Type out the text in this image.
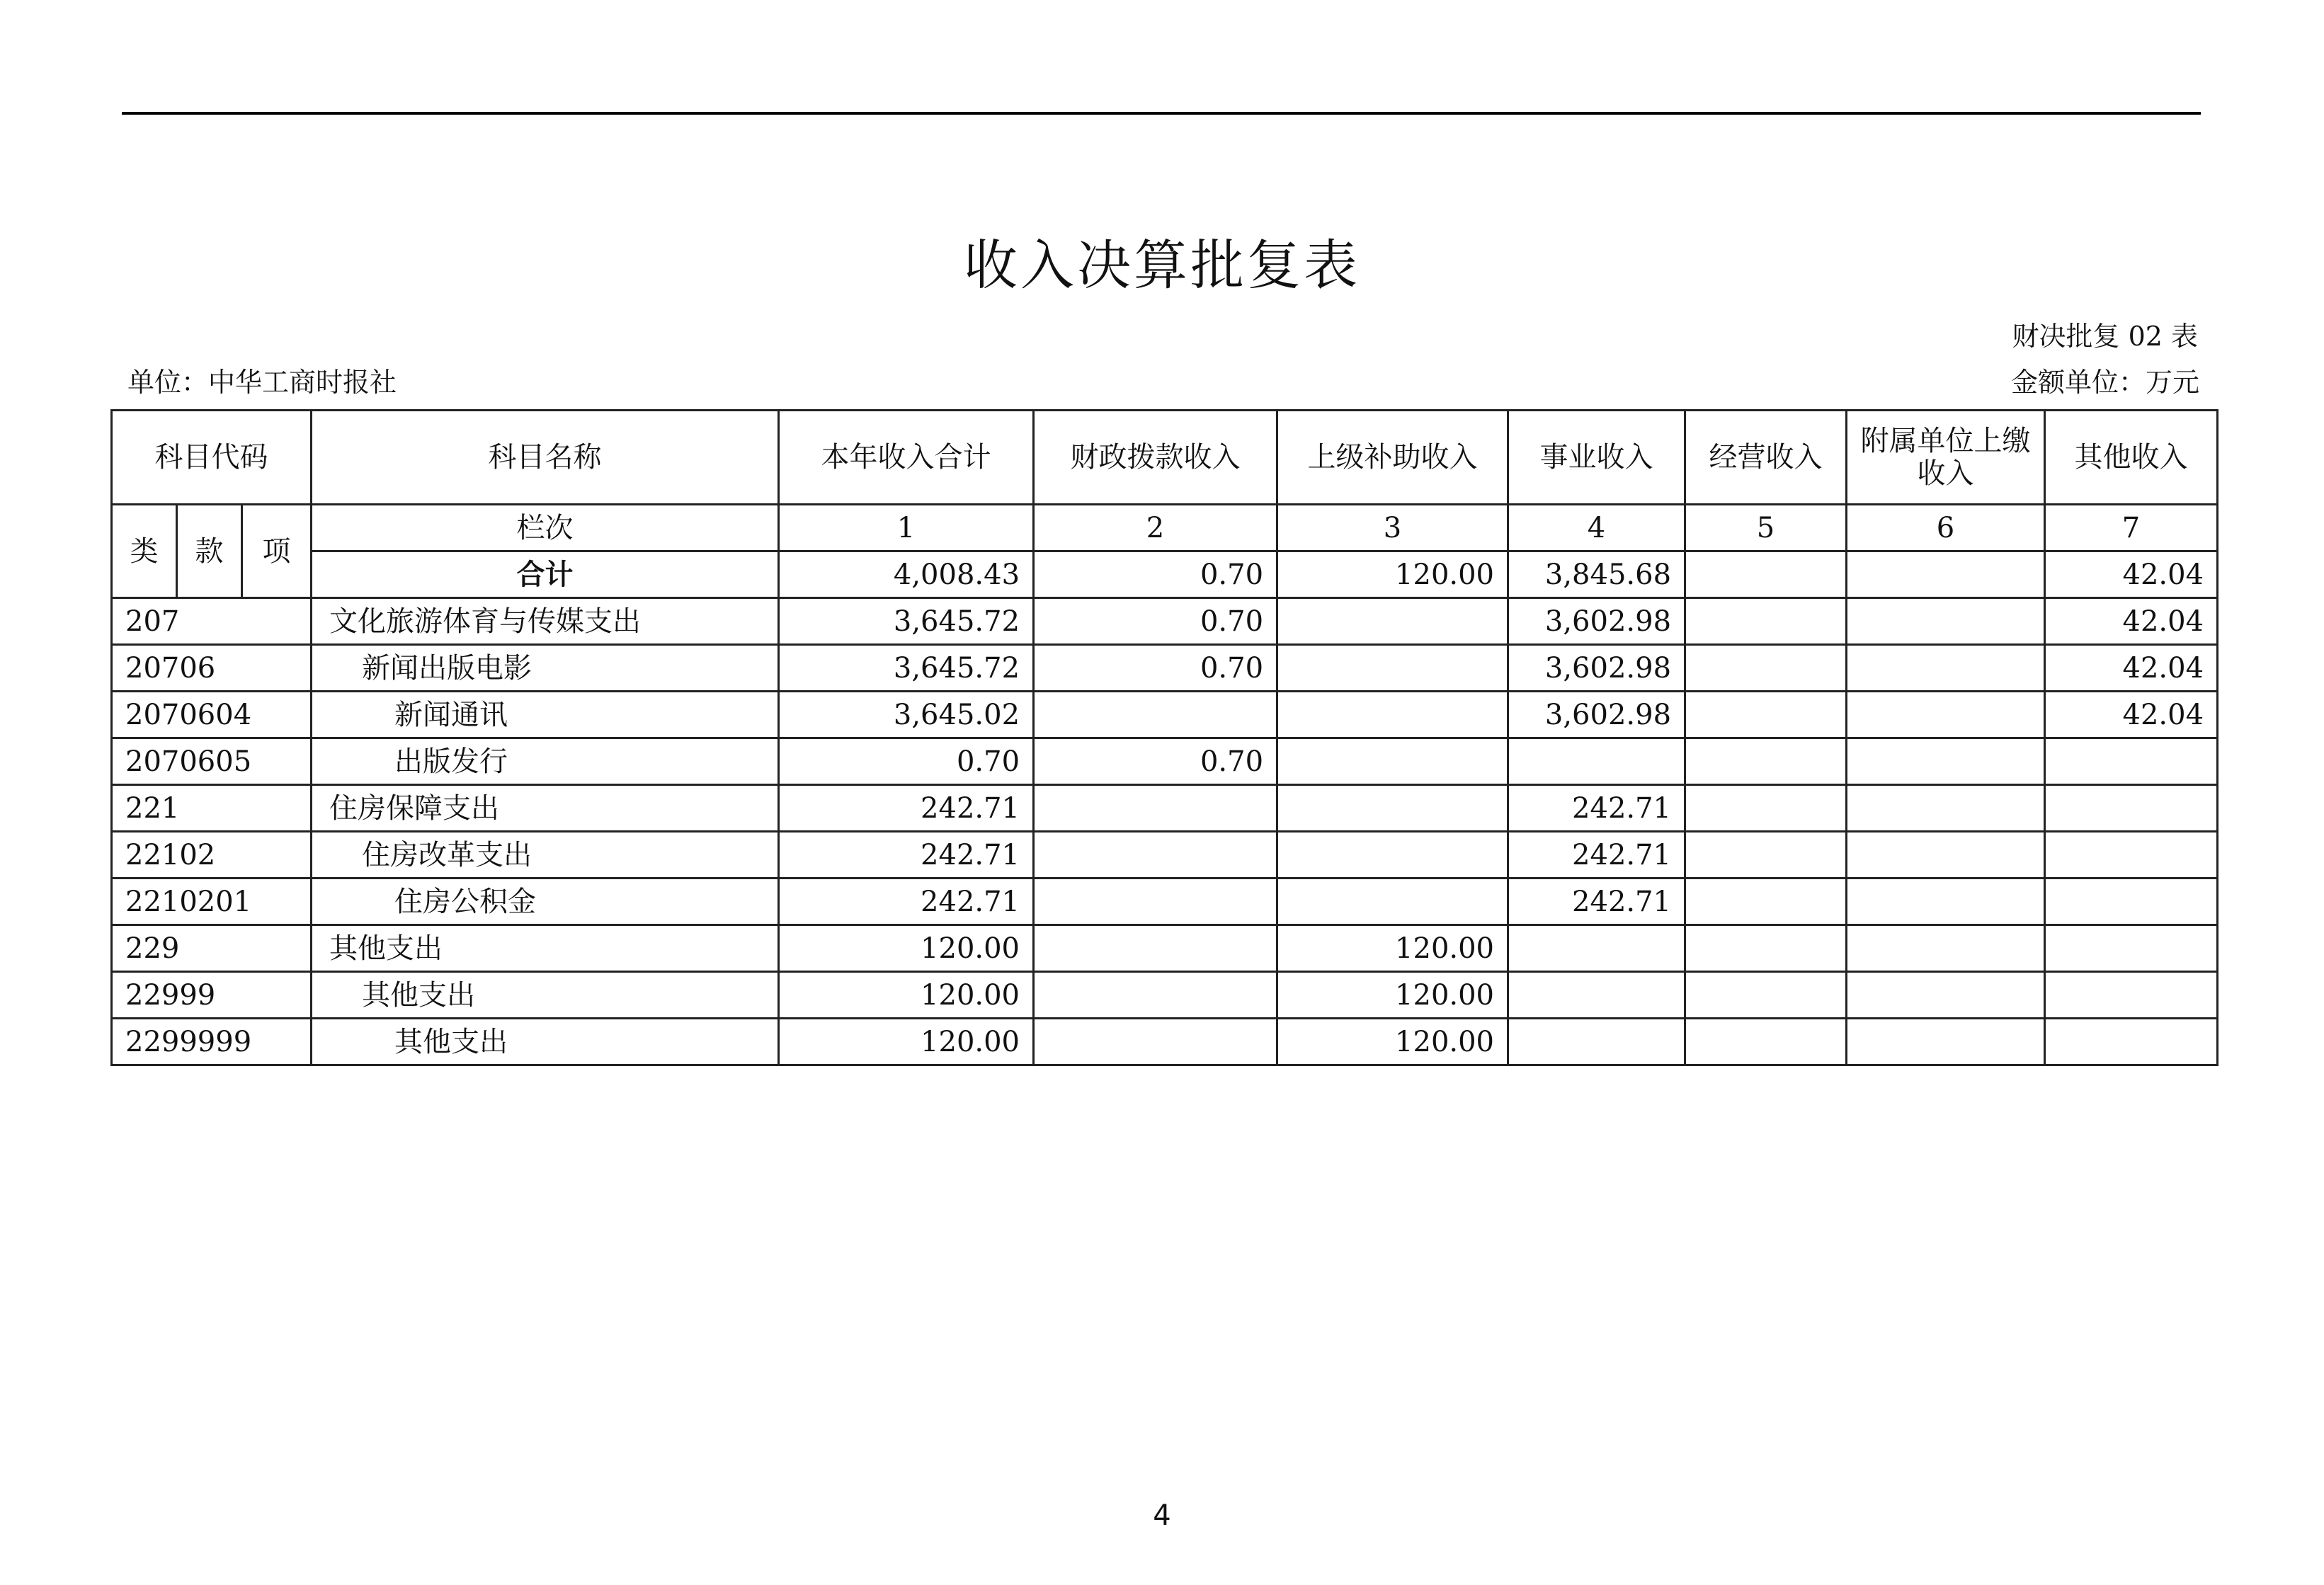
收入决算批复表
财决批复 02 表
单位：中华工商时报社	金额单位：万元
科目代码			科目名称	本年收入合计	财政拨款收入	上级补助收入	事业收入	经营收入	附属单位上缴收入	其他收入
类	款	项	栏次	1	2	3	4	5	6	7
			合计	4,008.43	0.70	120.00	3,845.68			42.04
207			文化旅游体育与传媒支出	3,645.72	0.70		3,602.98			42.04
20706			新闻出版电影	3,645.72	0.70		3,602.98			42.04
2070604			新闻通讯	3,645.02			3,602.98			42.04
2070605			出版发行	0.70	0.70					
221			住房保障支出	242.71			242.71			
22102			住房改革支出	242.71			242.71			
2210201			住房公积金	242.71			242.71			
229			其他支出	120.00		120.00				
22999			其他支出	120.00		120.00				
2299999			其他支出	120.00		120.00				
4
